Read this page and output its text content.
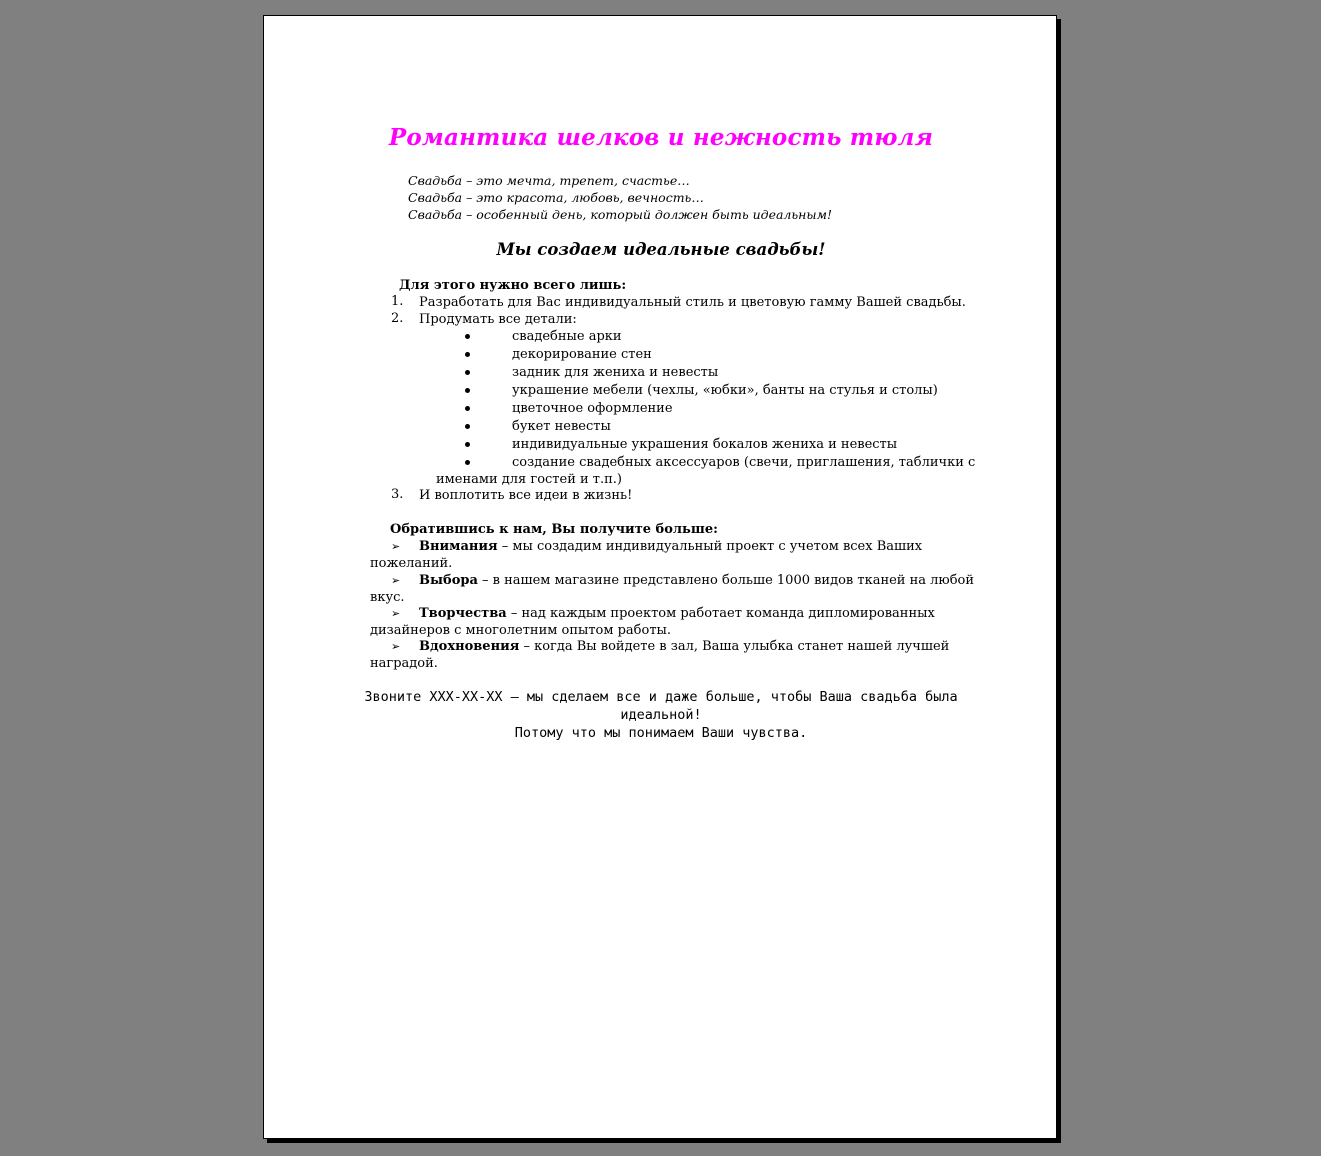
Романтика шелков и нежность тюля
Свадьба – это мечта, трепет, счастье…
Свадьба – это красота, любовь, вечность…
Свадьба – особенный день, который должен быть идеальным!
Мы создаем идеальные свадьбы!
Для этого нужно всего лишь:
1. Разработать для Вас индивидуальный стиль и цветовую гамму Вашей свадьбы.
2. Продумать все детали:
свадебные арки
декорирование стен
задник для жениха и невесты
украшение мебели (чехлы, «юбки», банты на стулья и столы)
цветочное оформление
букет невесты
индивидуальные украшения бокалов жениха и невесты
создание свадебных аксессуаров (свечи, приглашения, таблички с
именами для гостей и т.п.)
3. И воплотить все идеи в жизнь!
Обратившись к нам, Вы получите больше:
➢ Внимания – мы создадим индивидуальный проект с учетом всех Ваших
пожеланий.
➢ Выбора – в нашем магазине представлено больше 1000 видов тканей на любой
вкус.
➢ Творчества – над каждым проектом работает команда дипломированных
дизайнеров с многолетним опытом работы.
➢ Вдохновения – когда Вы войдете в зал, Ваша улыбка станет нашей лучшей
наградой.
Звоните XXX-XX-XX – мы сделаем все и даже больше, чтобы Ваша свадьба была
идеальной!
Потому что мы понимаем Ваши чувства.
